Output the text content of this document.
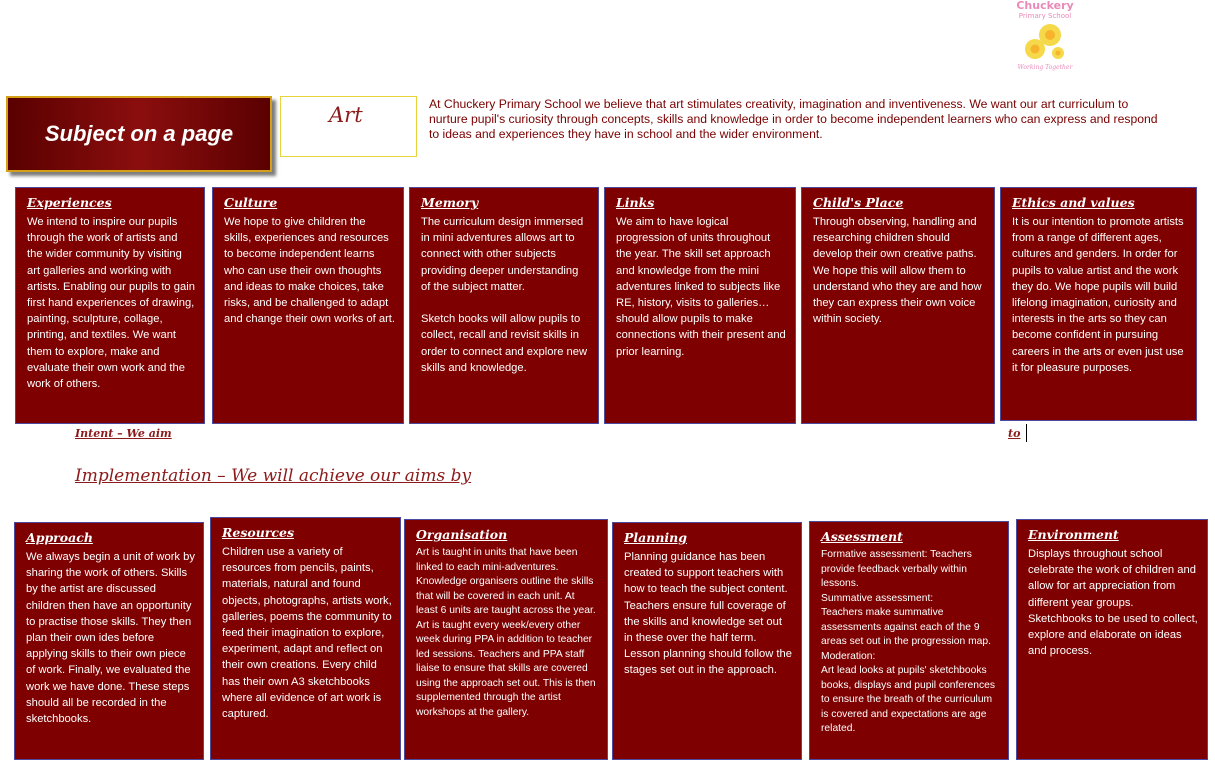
Chuckery
Primary School
Working Together
Subject on a page
Art	At Chuckery Primary School we believe that art stimulates creativity, imagination and inventiveness. We want our art curriculum to nurture pupil's curiosity through concepts, skills and knowledge in order to become independent learners who can express and respond to ideas and experiences they have in school and the wider environment.
Experiences
We intend to inspire our pupils through the work of artists and the wider community by visiting art galleries and working with artists. Enabling our pupils to gain first hand experiences of drawing, painting, sculpture, collage, printing, and textiles. We want them to explore, make and evaluate their own work and the work of others.
Culture
We hope to give children the skills, experiences and resources to become independent learns who can use their own thoughts and ideas to make choices, take risks, and be challenged to adapt and change their own works of art.
Memory
The curriculum design immersed in mini adventures allows art to connect with other subjects providing deeper understanding of the subject matter.

Sketch books will allow pupils to collect, recall and revisit skills in order to connect and explore new skills and knowledge.
Links
We aim to have logical progression of units throughout the year. The skill set approach and knowledge from the mini adventures linked to subjects like RE, history, visits to galleries… should allow pupils to make connections with their present and prior learning.
Child's Place
Through observing, handling and researching children should develop their own creative paths.
We hope this will allow them to understand who they are and how they can express their own voice within society.
Ethics and values
It is our intention to promote artists from a range of different ages, cultures and genders. In order for pupils to value artist and the work they do. We hope pupils will build lifelong imagination, curiosity and interests in the arts so they can become confident in pursuing careers in the arts or even just use it for pleasure purposes.
Intent – We aim	to
Implementation – We will achieve our aims by
Approach
We always begin a unit of work by sharing the work of others. Skills by the artist are discussed children then have an opportunity to practise those skills. They then plan their own ides before applying skills to their own piece of work. Finally, we evaluated the work we have done. These steps should all be recorded in the sketchbooks.
Resources
Children use a variety of resources from pencils, paints, materials, natural and found objects, photographs, artists work, galleries, poems the community to feed their imagination to explore, experiment, adapt and reflect on their own creations. Every child has their own A3 sketchbooks where all evidence of art work is captured.
Organisation
Art is taught in units that have been linked to each mini-adventures. Knowledge organisers outline the skills that will be covered in each unit. At least 6 units are taught across the year. Art is taught every week/every other week during PPA in addition to teacher led sessions. Teachers and PPA staff liaise to ensure that skills are covered using the approach set out. This is then supplemented through the artist workshops at the gallery.
Planning
Planning guidance has been created to support teachers with how to teach the subject content. Teachers ensure full coverage of the skills and knowledge set out in these over the half term. Lesson planning should follow the stages set out in the approach.
Assessment
Formative assessment: Teachers provide feedback verbally within lessons.
Summative assessment:
Teachers make summative assessments against each of the 9 areas set out in the progression map.
Moderation:
Art lead looks at pupils' sketchbooks books, displays and pupil conferences to ensure the breath of the curriculum is covered and expectations are age related.
Environment
Displays throughout school celebrate the work of children and allow for art appreciation from different year groups. Sketchbooks to be used to collect, explore and elaborate on ideas and process.
